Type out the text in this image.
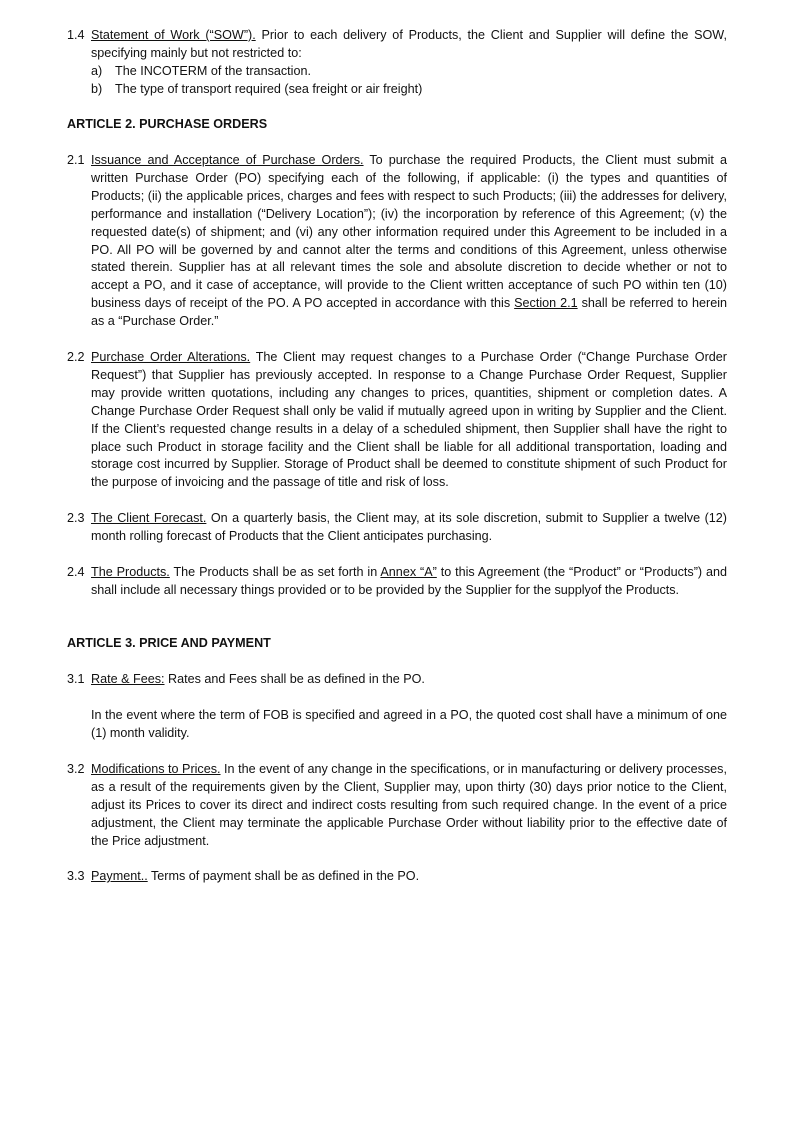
1.4 Statement of Work (“SOW”). Prior to each delivery of Products, the Client and Supplier will define the SOW, specifying mainly but not restricted to:
a)	The INCOTERM of the transaction.
b)	The type of transport required (sea freight or air freight)
ARTICLE 2. PURCHASE ORDERS
2.1 Issuance and Acceptance of Purchase Orders. To purchase the required Products, the Client must submit a written Purchase Order (PO) specifying each of the following, if applicable: (i) the types and quantities of Products; (ii) the applicable prices, charges and fees with respect to such Products; (iii) the addresses for delivery, performance and installation (“Delivery Location”); (iv) the incorporation by reference of this Agreement; (v) the requested date(s) of shipment; and (vi) any other information required under this Agreement to be included in a PO. All PO will be governed by and cannot alter the terms and conditions of this Agreement, unless otherwise stated therein. Supplier has at all relevant times the sole and absolute discretion to decide whether or not to accept a PO, and it case of acceptance, will provide to the Client written acceptance of such PO within ten (10) business days of receipt of the PO. A PO accepted in accordance with this Section 2.1 shall be referred to herein as a “Purchase Order.”
2.2 Purchase Order Alterations. The Client may request changes to a Purchase Order (“Change Purchase Order Request”) that Supplier has previously accepted. In response to a Change Purchase Order Request, Supplier may provide written quotations, including any changes to prices, quantities, shipment or completion dates. A Change Purchase Order Request shall only be valid if mutually agreed upon in writing by Supplier and the Client. If the Client’s requested change results in a delay of a scheduled shipment, then Supplier shall have the right to place such Product in storage facility and the Client shall be liable for all additional transportation, loading and storage cost incurred by Supplier. Storage of Product shall be deemed to constitute shipment of such Product for the purpose of invoicing and the passage of title and risk of loss.
2.3 The Client Forecast. On a quarterly basis, the Client may, at its sole discretion, submit to Supplier a twelve (12) month rolling forecast of Products that the Client anticipates purchasing.
2.4 The Products. The Products shall be as set forth in Annex “A” to this Agreement (the “Product” or “Products”) and shall include all necessary things provided or to be provided by the Supplier for the supplyof the Products.
ARTICLE 3. PRICE AND PAYMENT
3.1 Rate & Fees: Rates and Fees shall be as defined in the PO.
In the event where the term of FOB is specified and agreed in a PO, the quoted cost shall have a minimum of one (1) month validity.
3.2 Modifications to Prices. In the event of any change in the specifications, or in manufacturing or delivery processes, as a result of the requirements given by the Client, Supplier may, upon thirty (30) days prior notice to the Client, adjust its Prices to cover its direct and indirect costs resulting from such required change. In the event of a price adjustment, the Client may terminate the applicable Purchase Order without liability prior to the effective date of the Price adjustment.
3.3 Payment.. Terms of payment shall be as defined in the PO.
